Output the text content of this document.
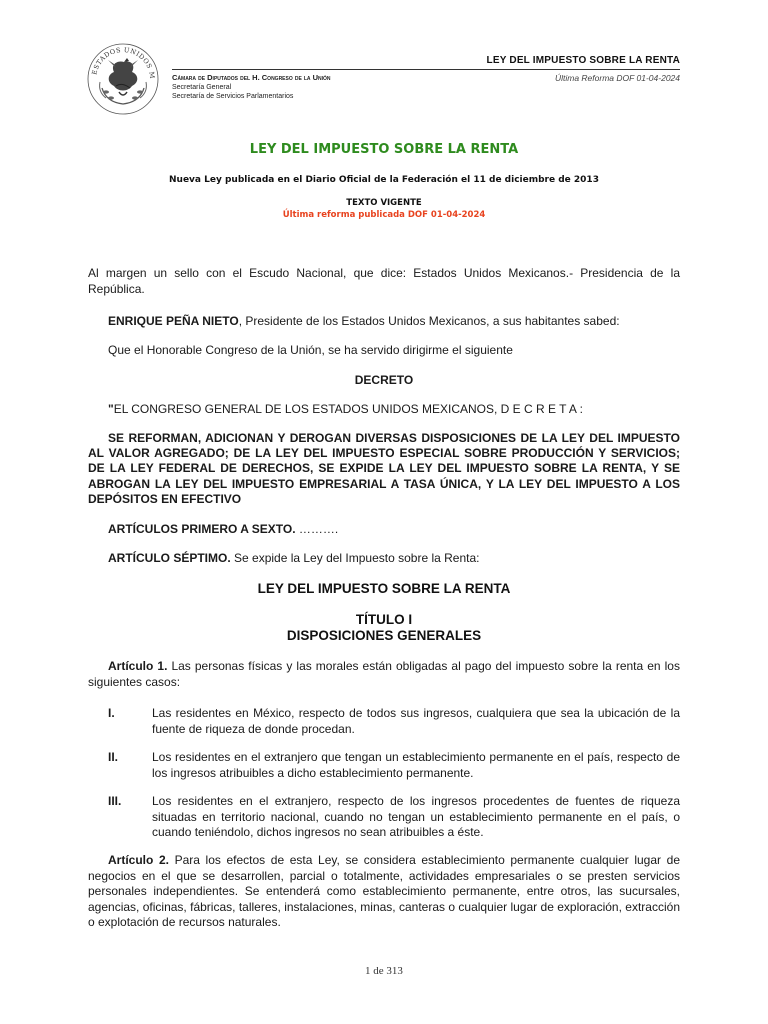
ESTADOS UNIDOS M
LEY DEL IMPUESTO SOBRE LA RENTA
Última Reforma DOF 01-04-2024
Cámara de Diputados del H. Congreso de la Unión
Secretaría General
Secretaría de Servicios Parlamentarios
LEY DEL IMPUESTO SOBRE LA RENTA
Nueva Ley publicada en el Diario Oficial de la Federación el 11 de diciembre de 2013
TEXTO VIGENTE
Última reforma publicada DOF 01-04-2024
Al margen un sello con el Escudo Nacional, que dice: Estados Unidos Mexicanos.- Presidencia de la República.
ENRIQUE PEÑA NIETO, Presidente de los Estados Unidos Mexicanos, a sus habitantes sabed:
Que el Honorable Congreso de la Unión, se ha servido dirigirme el siguiente
DECRETO
"EL CONGRESO GENERAL DE LOS ESTADOS UNIDOS MEXICANOS, D E C R E T A :
SE REFORMAN, ADICIONAN Y DEROGAN DIVERSAS DISPOSICIONES DE LA LEY DEL IMPUESTO AL VALOR AGREGADO; DE LA LEY DEL IMPUESTO ESPECIAL SOBRE PRODUCCIÓN Y SERVICIOS; DE LA LEY FEDERAL DE DERECHOS, SE EXPIDE LA LEY DEL IMPUESTO SOBRE LA RENTA, Y SE ABROGAN LA LEY DEL IMPUESTO EMPRESARIAL A TASA ÚNICA, Y LA LEY DEL IMPUESTO A LOS DEPÓSITOS EN EFECTIVO
ARTÍCULOS PRIMERO A SEXTO. ……….
ARTÍCULO SÉPTIMO. Se expide la Ley del Impuesto sobre la Renta:
LEY DEL IMPUESTO SOBRE LA RENTA
TÍTULO I
DISPOSICIONES GENERALES
Artículo 1. Las personas físicas y las morales están obligadas al pago del impuesto sobre la renta en los siguientes casos:
I.	Las residentes en México, respecto de todos sus ingresos, cualquiera que sea la ubicación de la fuente de riqueza de donde procedan.
II.	Los residentes en el extranjero que tengan un establecimiento permanente en el país, respecto de los ingresos atribuibles a dicho establecimiento permanente.
III.	Los residentes en el extranjero, respecto de los ingresos procedentes de fuentes de riqueza situadas en territorio nacional, cuando no tengan un establecimiento permanente en el país, o cuando teniéndolo, dichos ingresos no sean atribuibles a éste.
Artículo 2. Para los efectos de esta Ley, se considera establecimiento permanente cualquier lugar de negocios en el que se desarrollen, parcial o totalmente, actividades empresariales o se presten servicios personales independientes. Se entenderá como establecimiento permanente, entre otros, las sucursales, agencias, oficinas, fábricas, talleres, instalaciones, minas, canteras o cualquier lugar de exploración, extracción o explotación de recursos naturales.
1 de 313
